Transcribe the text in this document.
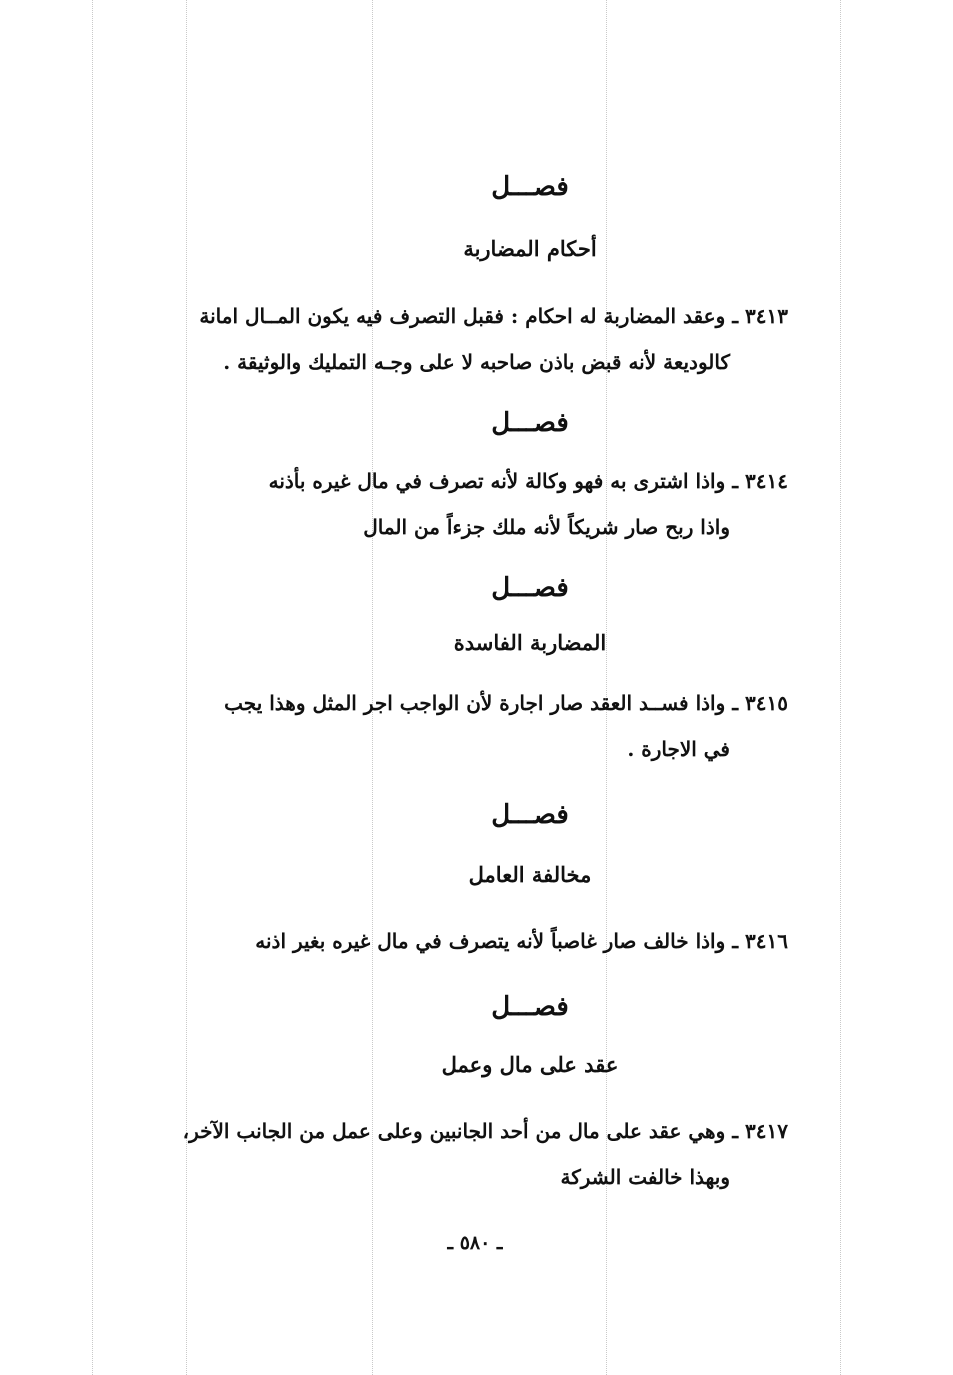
فصـــل
أحكام المضاربة

٣٤١٣ ـ وعقد المضاربة له احكام : فقبل التصرف فيه يكون المــال امانة
كالوديعة لأنه قبض باذن صاحبه لا على وجـه التمليك والوثيقة .

فصـــل

٣٤١٤ ـ واذا اشترى به فهو وكالة لأنه تصرف في مال غيره بأذنه
واذا ربح صار شريكاً لأنه ملك جزءاً من المال

فصـــل
المضاربة الفاسدة

٣٤١٥ ـ واذا فســد العقد صار اجارة لأن الواجب اجر المثل وهذا يجب
في الاجارة .

فصـــل
مخالفة العامل

٣٤١٦ ـ واذا خالف صار غاصباً لأنه يتصرف في مال غيره بغير اذنه

فصـــل
عقد على مال وعمل

٣٤١٧ ـ وهي عقد على مال من أحد الجانبين وعلى عمل من الجانب الآخر،
وبهذا خالفت الشركة

ـ ٥٨٠ ـ
